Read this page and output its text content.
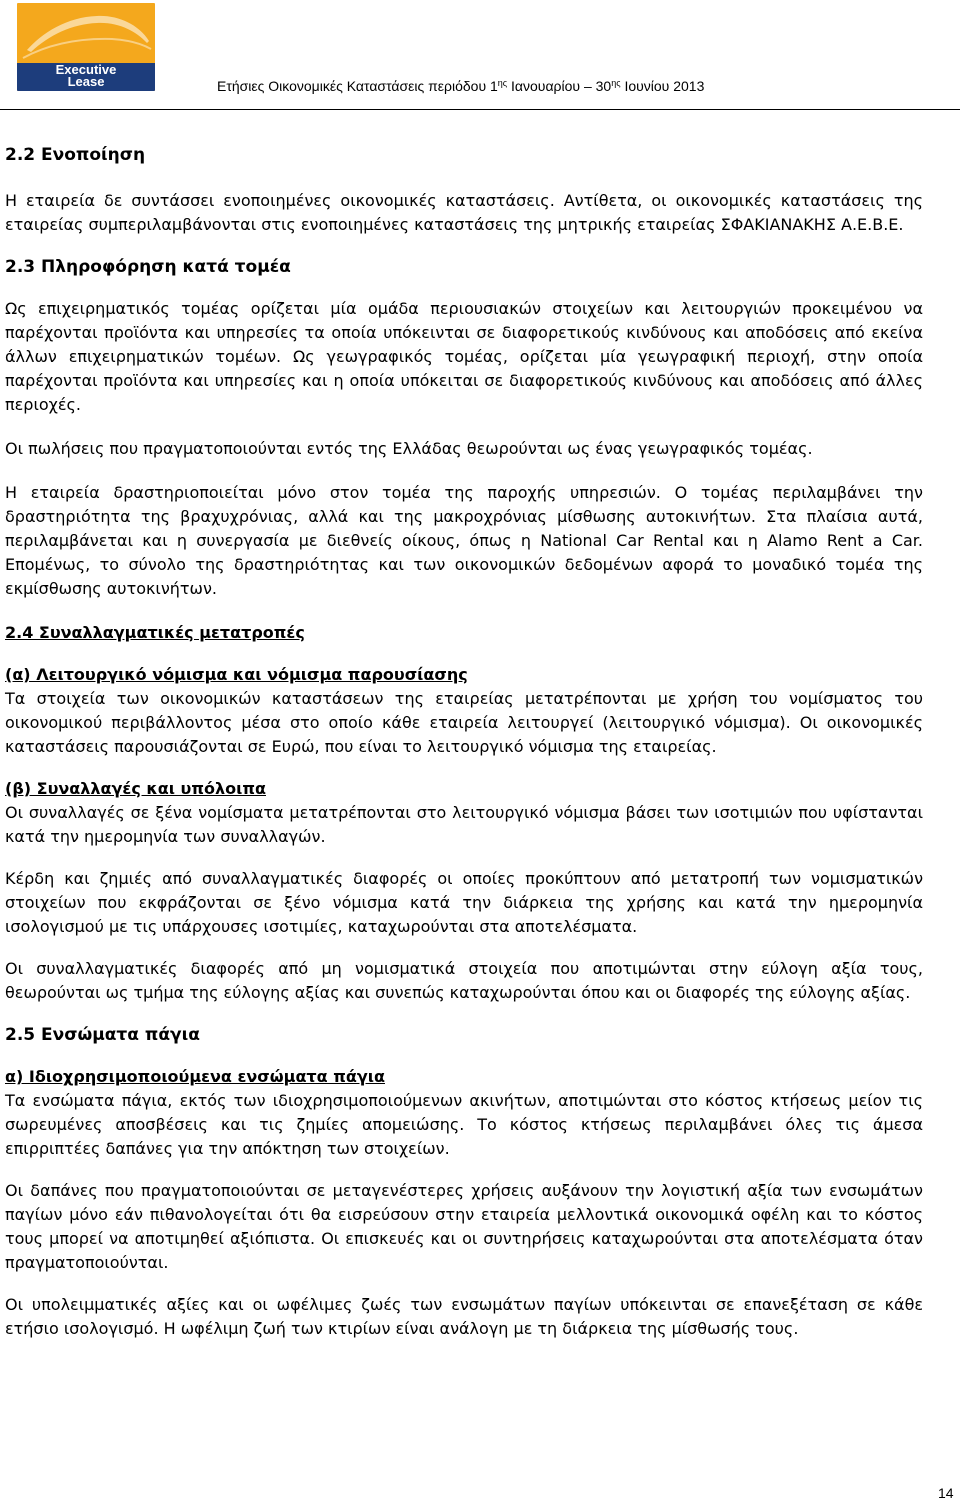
Executive
Lease	Ετήσιες Οικονομικές Καταστάσεις περιόδου $1^{\eta\varsigma}$ Ιανουαρίου – $30^{\eta\varsigma}$ Ιουνίου 2013
2.2 Ενοποίηση

Η εταιρεία δε συντάσσει ενοποιημένες οικονομικές καταστάσεις. Αντίθετα, οι οικονομικές καταστάσεις της εταιρείας συμπεριλαμβάνονται στις ενοποιημένες καταστάσεις της μητρικής εταιρείας ΣΦΑΚΙΑΝΑΚΗΣ Α.Ε.Β.Ε.

2.3 Πληροφόρηση κατά τομέα

Ως επιχειρηματικός τομέας ορίζεται μία ομάδα περιουσιακών στοιχείων και λειτουργιών προκειμένου να παρέχονται προϊόντα και υπηρεσίες τα οποία υπόκεινται σε διαφορετικούς κινδύνους και αποδόσεις από εκείνα άλλων επιχειρηματικών τομέων. Ως γεωγραφικός τομέας, ορίζεται μία γεωγραφική περιοχή, στην οποία παρέχονται προϊόντα και υπηρεσίες και η οποία υπόκειται σε διαφορετικούς κινδύνους και αποδόσεις από άλλες περιοχές.

Οι πωλήσεις που πραγματοποιούνται εντός της Ελλάδας θεωρούνται ως ένας γεωγραφικός τομέας.

Η εταιρεία δραστηριοποιείται μόνο στον τομέα της παροχής υπηρεσιών. Ο τομέας περιλαμβάνει την δραστηριότητα της βραχυχρόνιας, αλλά και της μακροχρόνιας μίσθωσης αυτοκινήτων. Στα πλαίσια αυτά, περιλαμβάνεται και η συνεργασία με διεθνείς οίκους, όπως η National Car Rental και η Alamo Rent a Car. Επομένως, το σύνολο της δραστηριότητας και των οικονομικών δεδομένων αφορά το μοναδικό τομέα της εκμίσθωσης αυτοκινήτων.

2.4 Συναλλαγματικές μετατροπές
(α) Λειτουργικό νόμισμα και νόμισμα παρουσίασης

Τα στοιχεία των οικονομικών καταστάσεων της εταιρείας μετατρέπονται με χρήση του νομίσματος του οικονομικού περιβάλλοντος μέσα στο οποίο κάθε εταιρεία λειτουργεί (λειτουργικό νόμισμα). Οι οικονομικές καταστάσεις παρουσιάζονται σε Ευρώ, που είναι το λειτουργικό νόμισμα της εταιρείας.

(β) Συναλλαγές και υπόλοιπα

Οι συναλλαγές σε ξένα νομίσματα μετατρέπονται στο λειτουργικό νόμισμα βάσει των ισοτιμιών που υφίστανται κατά την ημερομηνία των συναλλαγών.

Κέρδη και ζημιές από συναλλαγματικές διαφορές οι οποίες προκύπτουν από μετατροπή των νομισματικών στοιχείων που εκφράζονται σε ξένο νόμισμα κατά την διάρκεια της χρήσης και κατά την ημερομηνία ισολογισμού με τις υπάρχουσες ισοτιμίες, καταχωρούνται στα αποτελέσματα.

Οι συναλλαγματικές διαφορές από μη νομισματικά στοιχεία που αποτιμώνται στην εύλογη αξία τους, θεωρούνται ως τμήμα της εύλογης αξίας και συνεπώς καταχωρούνται όπου και οι διαφορές της εύλογης αξίας.

2.5 Ενσώματα πάγια
α) Ιδιοχρησιμοποιούμενα ενσώματα πάγια

Τα ενσώματα πάγια, εκτός των ιδιοχρησιμοποιούμενων ακινήτων, αποτιμώνται στο κόστος κτήσεως μείον τις σωρευμένες αποσβέσεις και τις ζημίες απομειώσης. Το κόστος κτήσεως περιλαμβάνει όλες τις άμεσα επιρριπτέες δαπάνες για την απόκτηση των στοιχείων.

Οι δαπάνες που πραγματοποιούνται σε μεταγενέστερες χρήσεις αυξάνουν την λογιστική αξία των ενσωμάτων παγίων μόνο εάν πιθανολογείται ότι θα εισρεύσουν στην εταιρεία μελλοντικά οικονομικά οφέλη και το κόστος τους μπορεί να αποτιμηθεί αξιόπιστα. Οι επισκευές και οι συντηρήσεις καταχωρούνται στα αποτελέσματα όταν πραγματοποιούνται.

Οι υπολειμματικές αξίες και οι ωφέλιμες ζωές των ενσωμάτων παγίων υπόκεινται σε επανεξέταση σε κάθε ετήσιο ισολογισμό. Η ωφέλιμη ζωή των κτιρίων είναι ανάλογη με τη διάρκεια της μίσθωσής τους.

14
